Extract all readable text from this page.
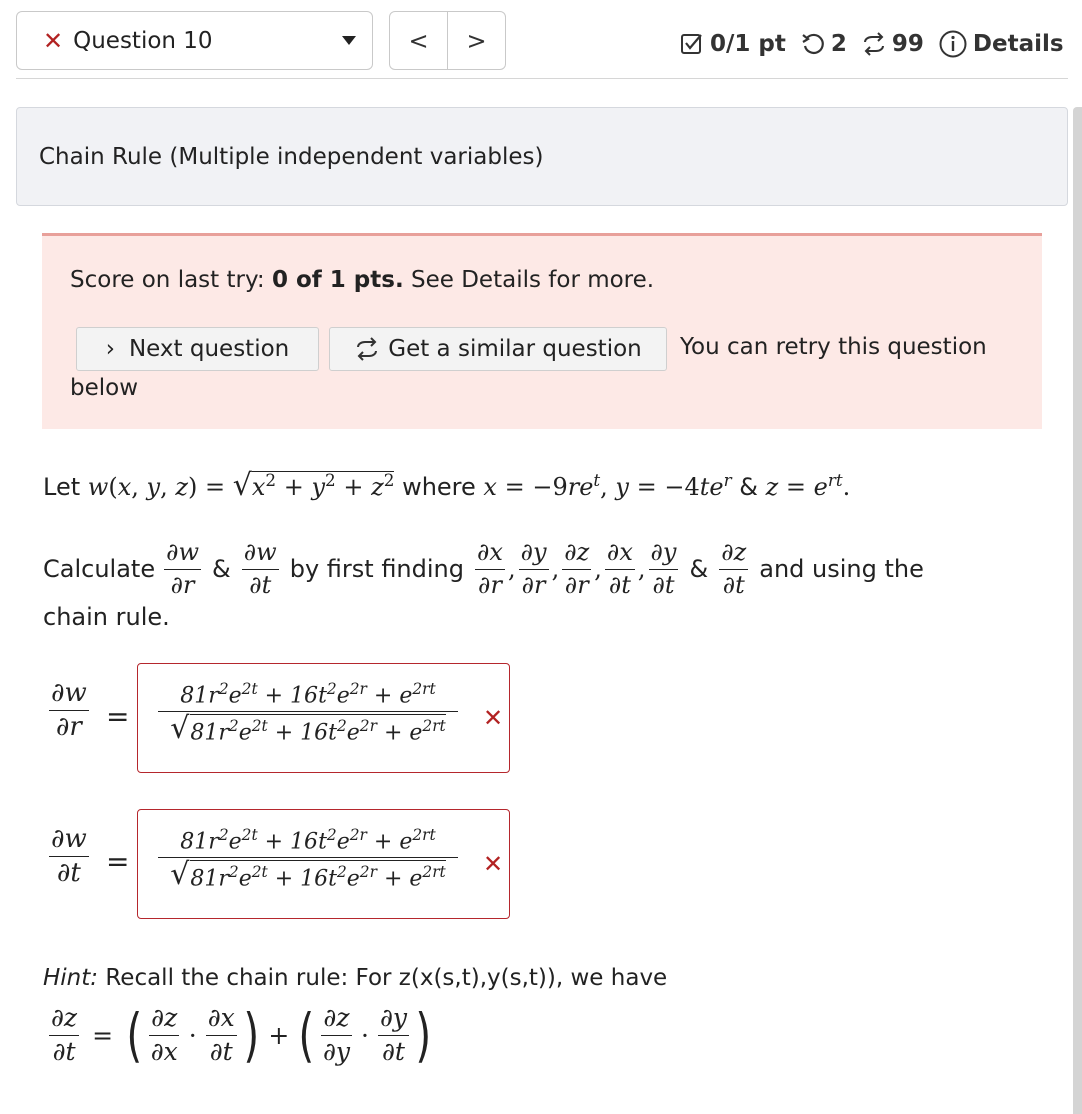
✕ Question 10	<	>	0/1 pt 2 99 Details
Chain Rule (Multiple independent variables)
Score on last try: 0 of 1 pts. See Details for more.
› Next question	Get a similar question You can retry this question
below
Let w(x, y, $z) = √x^2 + y^2 + z^2$ where $x = -9re^t$, $y = -4te^r$ & $z = e^{rt}$.
Calculate $\frac{\partial w}{\partial r}$ & $\frac{\partial w}{\partial t}$ by first finding $\frac{\partial x}{\partial r}$ , $\frac{\partial y}{\partial r}$ , $\frac{\partial z}{\partial r}$ , $\frac{\partial x}{\partial t}$ , $\frac{\partial y}{\partial t}$ & $\frac{\partial z}{\partial t}$ and using the
chain rule.
$\frac{\partial w}{\partial r}$ =
$81r^2e^{2t} + 16t^2e^{2r} + e^{2rt}$
√ $81r^2e^{2t} + 16t^2e^{2r} + e^{2rt}$ ✕
$\frac{\partial w}{\partial t}$ =
$81r^2e^{2t} + 16t^2e^{2r} + e^{2rt}$
√ $81r^2e^{2t} + 16t^2e^{2r} + e^{2rt}$ ✕
Hint: Recall the chain rule: For z(x(s,t),y(s,t)), we have
$\frac{\partial z}{\partial t}$ = ( $\frac{\partial z}{\partial x} \cdot \frac{\partial x}{\partial t}$ ) + ( $\frac{\partial z}{\partial y} \cdot \frac{\partial y}{\partial t}$ )
